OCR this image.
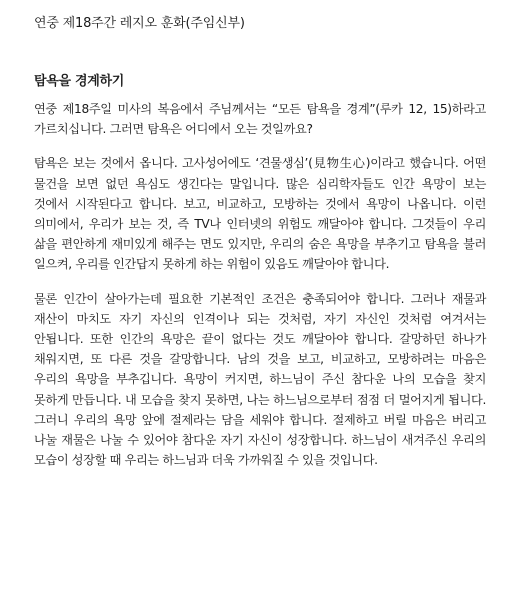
연중 제18주간 레지오 훈화(주임신부)
탐욕을 경계하기

연중 제18주일 미사의 복음에서 주님께서는 “모든 탐욕을 경계”(루카 12, 15)하라고 가르치십니다. 그러면 탐욕은 어디에서 오는 것일까요?

탐욕은 보는 것에서 옵니다. 고사성어에도 ‘견물생심’(見物生心)이라고 했습니다. 어떤 물건을 보면 없던 욕심도 생긴다는 말입니다. 많은 심리학자들도 인간 욕망이 보는 것에서 시작된다고 합니다. 보고, 비교하고, 모방하는 것에서 욕망이 나옵니다. 이런 의미에서, 우리가 보는 것, 즉 TV나 인터넷의 위험도 깨달아야 합니다. 그것들이 우리 삶을 편안하게 재미있게 해주는 면도 있지만, 우리의 숨은 욕망을 부추기고 탐욕을 불러 일으켜, 우리를 인간답지 못하게 하는 위험이 있음도 깨달아야 합니다.

물론 인간이 살아가는데 필요한 기본적인 조건은 충족되어야 합니다. 그러나 재물과 재산이 마치도 자기 자신의 인격이나 되는 것처럼, 자기 자신인 것처럼 여겨서는 안됩니다. 또한 인간의 욕망은 끝이 없다는 것도 깨달아야 합니다. 갈망하던 하나가 채워지면, 또 다른 것을 갈망합니다. 남의 것을 보고, 비교하고, 모방하려는 마음은 우리의 욕망을 부추깁니다. 욕망이 커지면, 하느님이 주신 참다운 나의 모습을 찾지 못하게 만듭니다. 내 모습을 찾지 못하면, 나는 하느님으로부터 점점 더 멀어지게 됩니다. 그러니 우리의 욕망 앞에 절제라는 담을 세워야 합니다. 절제하고 버릴 마음은 버리고 나눌 재물은 나눌 수 있어야 참다운 자기 자신이 성장합니다. 하느님이 새겨주신 우리의 모습이 성장할 때 우리는 하느님과 더욱 가까워질 수 있을 것입니다.
